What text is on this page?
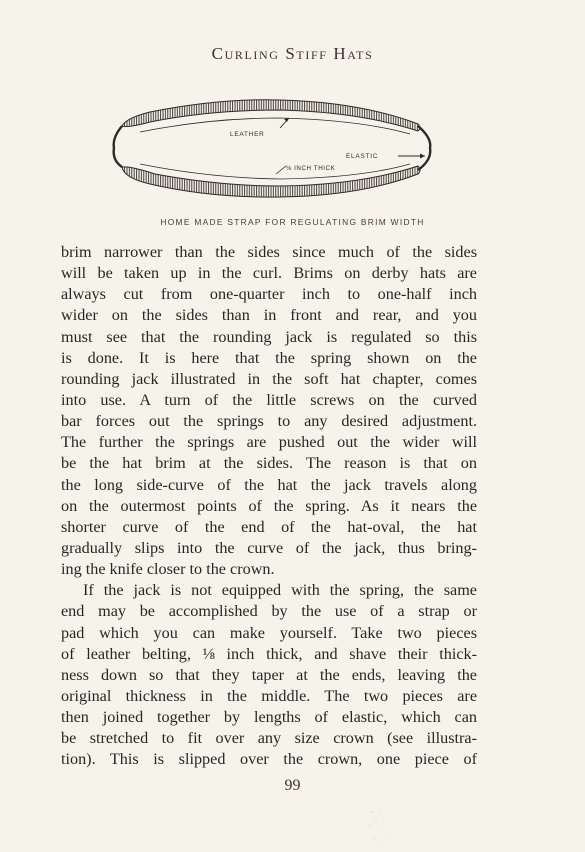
Curling Stiff Hats
LEATHER
ELASTIC
⅛ INCH THICK
HOME MADE STRAP FOR REGULATING BRIM WIDTH
brim narrower than the sides since much of the sides
will be taken up in the curl. Brims on derby hats are
always cut from one-quarter inch to one-half inch
wider on the sides than in front and rear, and you
must see that the rounding jack is regulated so this
is done. It is here that the spring shown on the
rounding jack illustrated in the soft hat chapter, comes
into use. A turn of the little screws on the curved
bar forces out the springs to any desired adjustment.
The further the springs are pushed out the wider will
be the hat brim at the sides. The reason is that on
the long side-curve of the hat the jack travels along
on the outermost points of the spring. As it nears the
shorter curve of the end of the hat-oval, the hat
gradually slips into the curve of the jack, thus bring-
ing the knife closer to the crown.
If the jack is not equipped with the spring, the same
end may be accomplished by the use of a strap or
pad which you can make yourself. Take two pieces
of leather belting, ⅛ inch thick, and shave their thick-
ness down so that they taper at the ends, leaving the
original thickness in the middle. The two pieces are
then joined together by lengths of elastic, which can
be stretched to fit over any size crown (see illustra-
tion). This is slipped over the crown, one piece of
99
